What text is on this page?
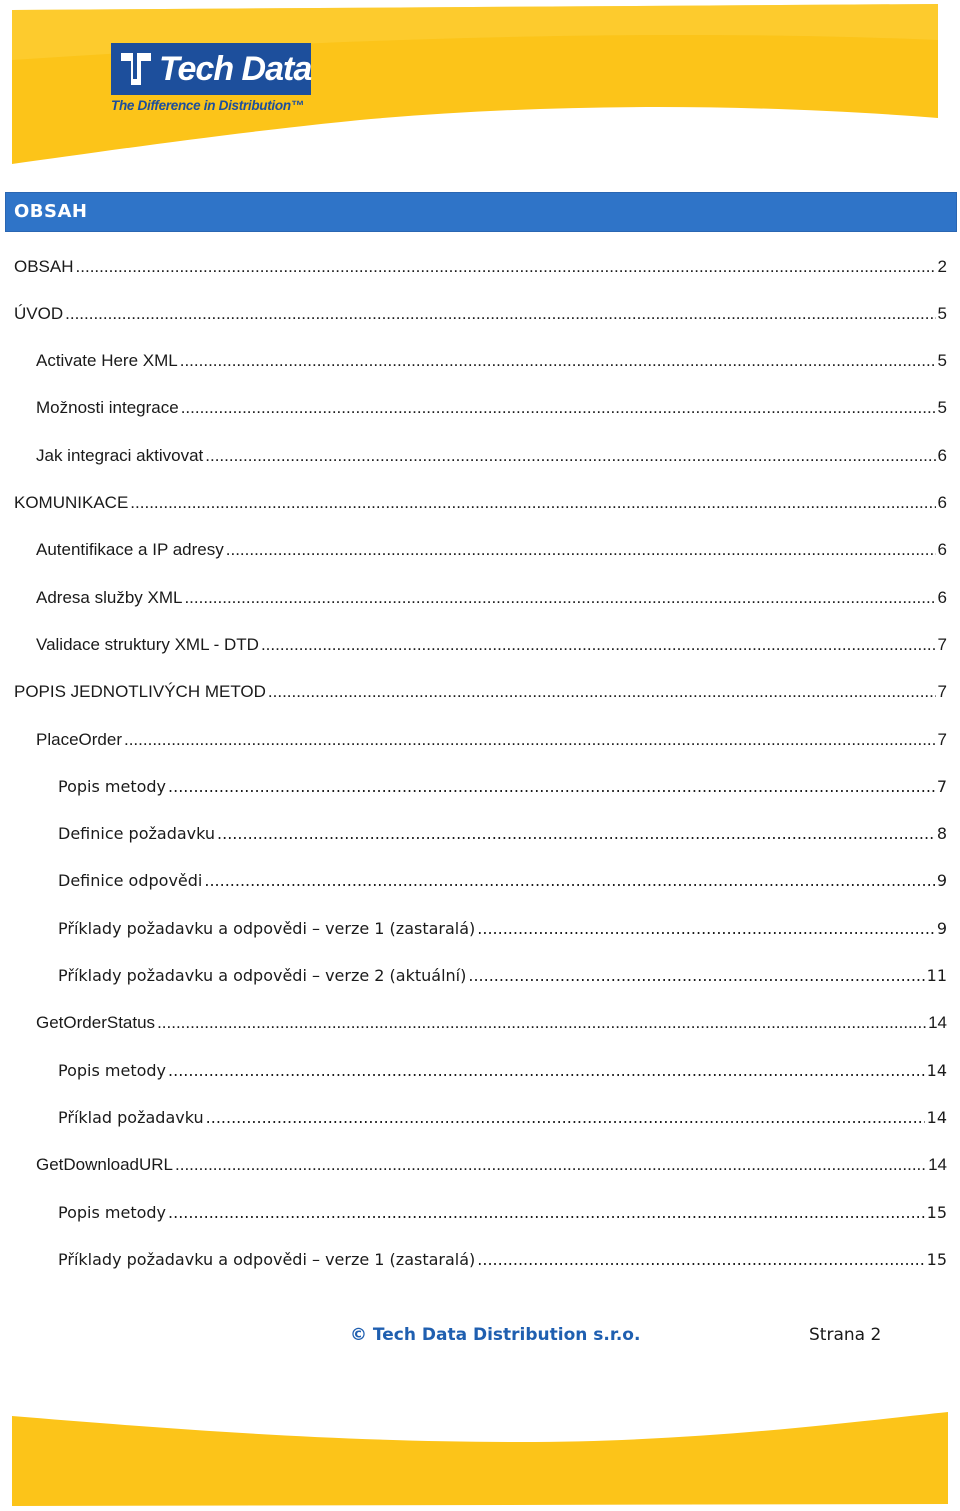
Tech Data
The Difference in Distribution™
OBSAH
OBSAH .....	2
ÚVOD .....	5
Activate Here XML .....	5
Možnosti integrace .....	5
Jak integraci aktivovat .....	6
KOMUNIKACE .....	6
Autentifikace a IP adresy .....	6
Adresa služby XML .....	6
Validace struktury XML - DTD .....	7
POPIS JEDNOTLIVÝCH METOD .....	7
PlaceOrder .....	7
Popis metody .....	7
Definice požadavku .....	8
Definice odpovědi .....	9
Příklady požadavku a odpovědi – verze 1 (zastaralá) .....	9
Příklady požadavku a odpovědi – verze 2 (aktuální) .....	11
GetOrderStatus .....	14
Popis metody .....	14
Příklad požadavku .....	14
GetDownloadURL .....	14
Popis metody .....	15
Příklady požadavku a odpovědi – verze 1 (zastaralá) .....	15
© Tech Data Distribution s.r.o.	Strana 2
